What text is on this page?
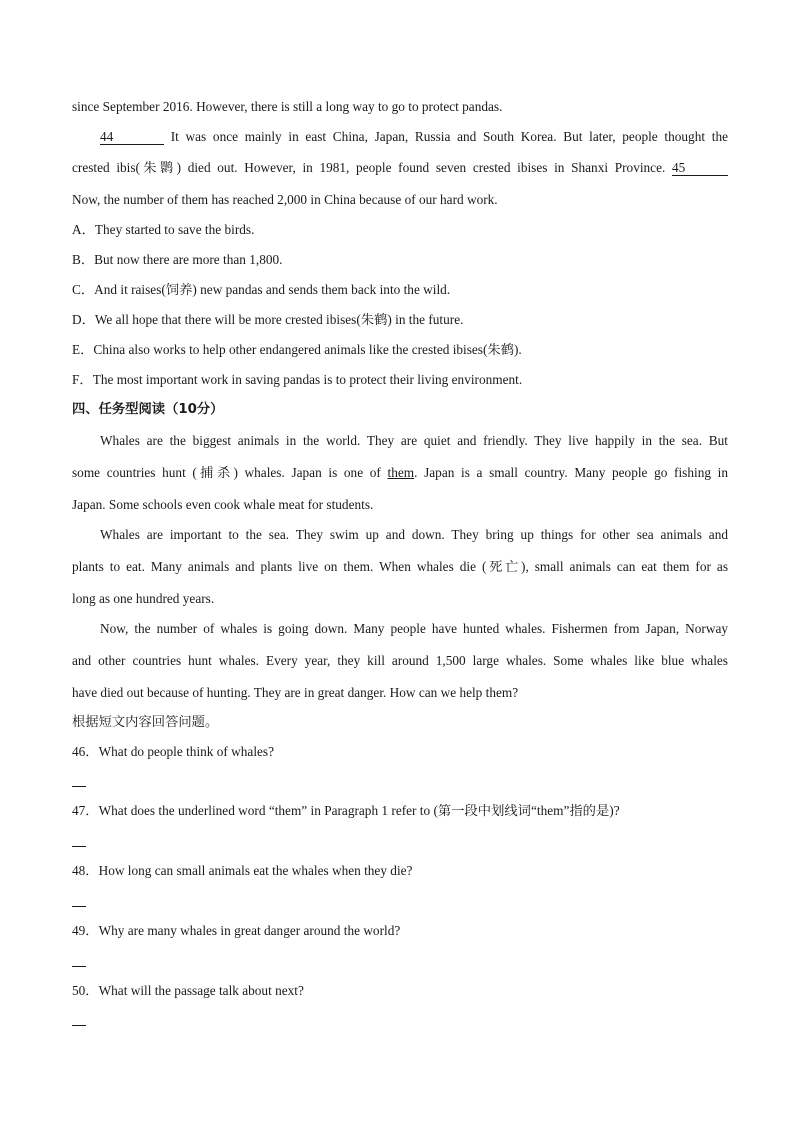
since September 2016. However, there is still a long way to go to protect pandas.
44	It was once mainly in east China, Japan, Russia and South Korea. But later, people thought the
crested ibis(朱鹮) died out. However, in 1981, people found seven crested ibises in Shanxi Province. 45
Now, the number of them has reached 2,000 in China because of our hard work.
A．They started to save the birds.
B．But now there are more than 1,800.
C．And it raises(饲养) new pandas and sends them back into the wild.
D．We all hope that there will be more crested ibises(朱鹤) in the future.
E．China also works to help other endangered animals like the crested ibises(朱鹤).
F．The most important work in saving pandas is to protect their living environment.
四、任务型阅读（10分）
Whales are the biggest animals in the world. They are quiet and friendly. They live happily in the sea. But
some countries hunt (捕杀) whales. Japan is one of them. Japan is a small country. Many people go fishing in
Japan. Some schools even cook whale meat for students.
Whales are important to the sea. They swim up and down. They bring up things for other sea animals and
plants to eat. Many animals and plants live on them. When whales die (死亡), small animals can eat them for as
long as one hundred years.
Now, the number of whales is going down. Many people have hunted whales. Fishermen from Japan, Norway
and other countries hunt whales. Every year, they kill around 1,500 large whales. Some whales like blue whales
have died out because of hunting. They are in great danger. How can we help them?
根据短文内容回答问题。
46．What do people think of whales?
47．What does the underlined word “them” in Paragraph 1 refer to (第一段中划线词“them”指的是)?
48．How long can small animals eat the whales when they die?
49．Why are many whales in great danger around the world?
50．What will the passage talk about next?
